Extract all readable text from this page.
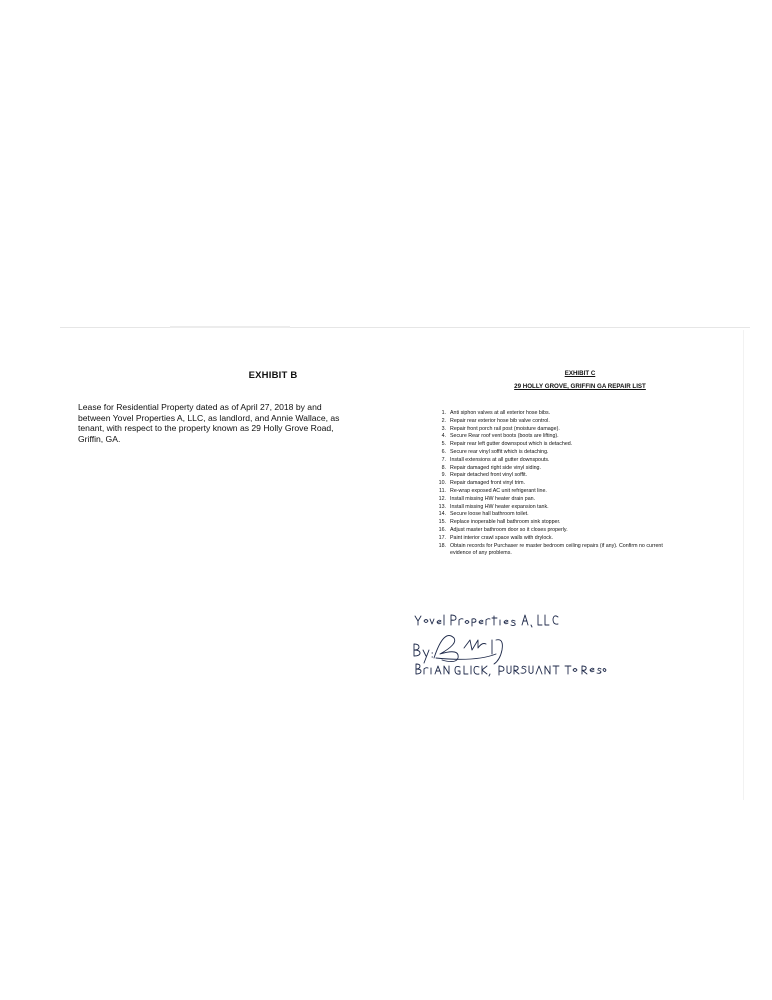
EXHIBIT B
Lease for Residential Property dated as of April 27, 2018 by and between Yovel Properties A, LLC, as landlord, and Annie Wallace, as tenant, with respect to the property known as 29 Holly Grove Road, Griffin, GA.
EXHIBIT C
29 HOLLY GROVE, GRIFFIN GA REPAIR LIST
1. Anti siphon valves at all exterior hose bibs.
2. Repair rear exterior hose bib valve control.
3. Repair front porch rail post (moisture damage).
4. Secure Rear roof vent boots (boots are lifting).
5. Repair rear left gutter downspout which is detached.
6. Secure rear vinyl soffit which is detaching.
7. Install extensions at all gutter downspouts.
8. Repair damaged right side vinyl siding.
9. Repair detached front vinyl soffit.
10. Repair damaged front vinyl trim.
11. Re-wrap exposed AC unit refrigerant line.
12. Install missing HW heater drain pan.
13. Install missing HW heater expansion tank.
14. Secure loose hall bathroom toilet.
15. Replace inoperable hall bathroom sink stopper.
16. Adjust master bathroom door so it closes properly.
17. Paint interior crawl space walls with drylock.
18. Obtain records for Purchaser re master bedroom ceiling repairs (if any). Confirm no current
evidence of any problems.
